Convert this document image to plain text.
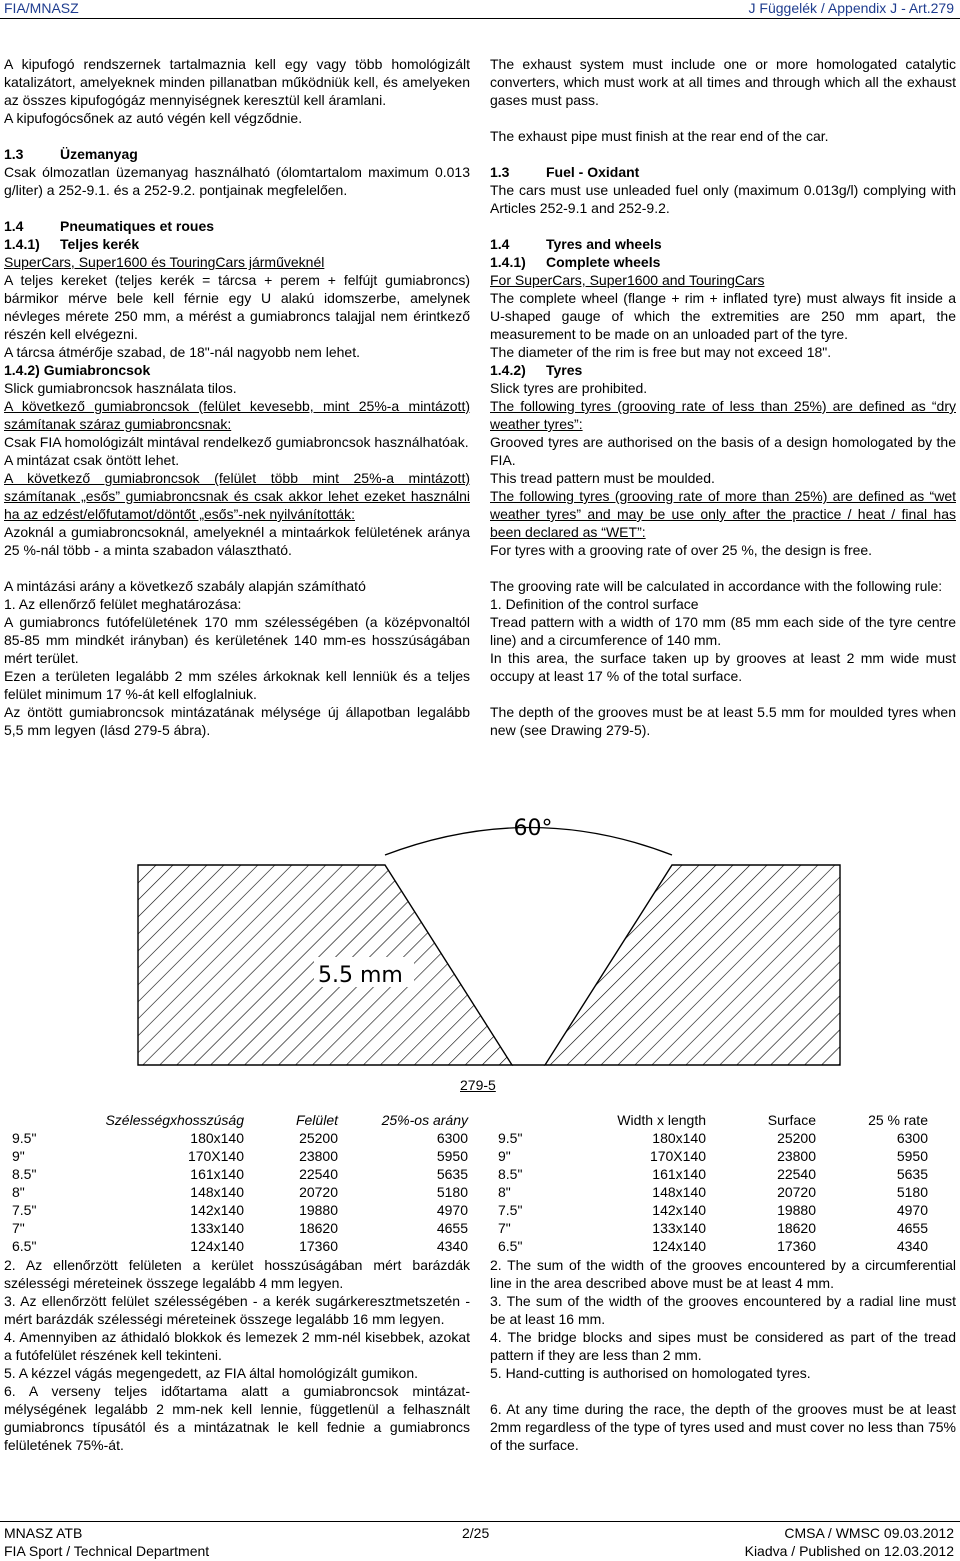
FIA/MNASZ	J Függelék / Appendix J - Art.279

A kipufogó rendszernek tartalmaznia kell egy vagy több homológizált katalizátort, amelyeknek minden pillanatban működniük kell, és amelyeken az összes kipufogógáz mennyiségnek keresztül kell áramlani.

A kipufogócsőnek az autó végén kell végződnie.

1.3	Üzemanyag

Csak ólmozatlan üzemanyag használható (ólomtartalom maximum 0.013 g/liter) a 252-9.1. és a 252-9.2. pontjainak megfelelően.

1.4	Pneumatiques et roues

1.4.1) Teljes kerék

SuperCars, Super1600 és TouringCars járműveknél

A teljes kereket (teljes kerék = tárcsa + perem + felfújt gumiabroncs) bármikor mérve bele kell férnie egy U alakú idomszerbe, amelynek névleges mérete 250 mm, a mérést a gumiabroncs talajjal nem érintkező részén kell elvégezni.

A tárcsa átmérője szabad, de 18"-nál nagyobb nem lehet.

1.4.2) Gumiabroncsok

Slick gumiabroncsok használata tilos.

A következő gumiabroncsok (felület kevesebb, mint 25%-a mintázott) számítanak száraz gumiabroncsnak:

Csak FIA homológizált mintával rendelkező gumiabroncsok használhatóak.

A mintázat csak öntött lehet.

A következő gumiabroncsok (felület több mint 25%-a mintázott) számítanak „esős” gumiabroncsnak és csak akkor lehet ezeket használni ha az edzést/előfutamot/döntőt „esős”-nek nyilvánították:

Azoknál a gumiabroncsoknál, amelyeknél a mintaárkok felületének aránya 25 %-nál több - a minta szabadon választható.

A mintázási arány a következő szabály alapján számítható

1. Az ellenőrző felület meghatározása:

A gumiabroncs futófelületének 170 mm szélességében (a középvonaltól 85-85 mm mindkét irányban) és kerületének 140 mm-es hosszúságában mért terület.

Ezen a területen legalább 2 mm széles árkoknak kell lenniük és a teljes felület minimum 17 %-át kell elfoglalniuk.

Az öntött gumiabroncsok mintázatának mélysége új állapotban legalább 5,5 mm legyen (lásd 279-5 ábra).

The exhaust system must include one or more homologated catalytic converters, which must work at all times and through which all the exhaust gases must pass.

The exhaust pipe must finish at the rear end of the car.

1.3	Fuel - Oxidant

The cars must use unleaded fuel only (maximum 0.013g/l) complying with Articles 252-9.1 and 252-9.2.

1.4	Tyres and wheels

1.4.1) Complete wheels

For SuperCars, Super1600 and TouringCars

The complete wheel (flange + rim + inflated tyre) must always fit inside a U-shaped gauge of which the extremities are 250 mm apart, the measurement to be made on an unloaded part of the tyre.

The diameter of the rim is free but may not exceed 18".

1.4.2) Tyres

Slick tyres are prohibited.

The following tyres (grooving rate of less than 25%) are defined as “dry weather tyres”:

Grooved tyres are authorised on the basis of a design homologated by the FIA.

This tread pattern must be moulded.

The following tyres (grooving rate of more than 25%) are defined as “wet weather tyres” and may be use only after the practice / heat / final has been declared as “WET”:

For tyres with a grooving rate of over 25 %, the design is free.

The grooving rate will be calculated in accordance with the following rule:

1. Definition of the control surface

Tread pattern with a width of 170 mm (85 mm each side of the tyre centre line) and a circumference of 140 mm.

In this area, the surface taken up by grooves at least 2 mm wide must occupy at least 17 % of the total surface.

The depth of the grooves must be at least 5.5 mm for moulded tyres when new (see Drawing 279-5).

60°
5.5 mm
279-5
	Szélességxhosszúság	Felület	25%-os arány
9.5"	180x140	25200	6300
9"	170X140	23800	5950
8.5"	161x140	22540	5635
8"	148x140	20720	5180
7.5"	142x140	19880	4970
7"	133x140	18620	4655
6.5"	124x140	17360	4340
	Width x length	Surface	25 % rate
9.5"	180x140	25200	6300
9"	170X140	23800	5950
8.5"	161x140	22540	5635
8"	148x140	20720	5180
7.5"	142x140	19880	4970
7"	133x140	18620	4655
6.5"	124x140	17360	4340

2. Az ellenőrzött felületen a kerület hosszúságában mért barázdák szélességi méreteinek összege legalább 4 mm legyen.

3. Az ellenőrzött felület szélességében - a kerék sugárkeresztmetszetén - mért barázdák szélességi méreteinek összege legalább 16 mm legyen.

4. Amennyiben az áthidaló blokkok és lemezek 2 mm-nél kisebbek, azokat a futófelület részének kell tekinteni.

5. A kézzel vágás megengedett, az FIA által homológizált gumikon.

6. A verseny teljes időtartama alatt a gumiabroncsok mintázat-mélységének legalább 2 mm-nek kell lennie, függetlenül a felhasznált gumiabroncs típusától és a mintázatnak le kell fednie a gumiabroncs felületének 75%-át.

2. The sum of the width of the grooves encountered by a circumferential line in the area described above must be at least 4 mm.

3. The sum of the width of the grooves encountered by a radial line must be at least 16 mm.

4. The bridge blocks and sipes must be considered as part of the tread pattern if they are less than 2 mm.

5. Hand-cutting is authorised on homologated tyres.

6. At any time during the race, the depth of the grooves must be at least 2mm regardless of the type of tyres used and must cover no less than 75% of the surface.

MNASZ ATB
FIA Sport / Technical Department
2/25	CMSA / WMSC 09.03.2012
Kiadva / Published on 12.03.2012
